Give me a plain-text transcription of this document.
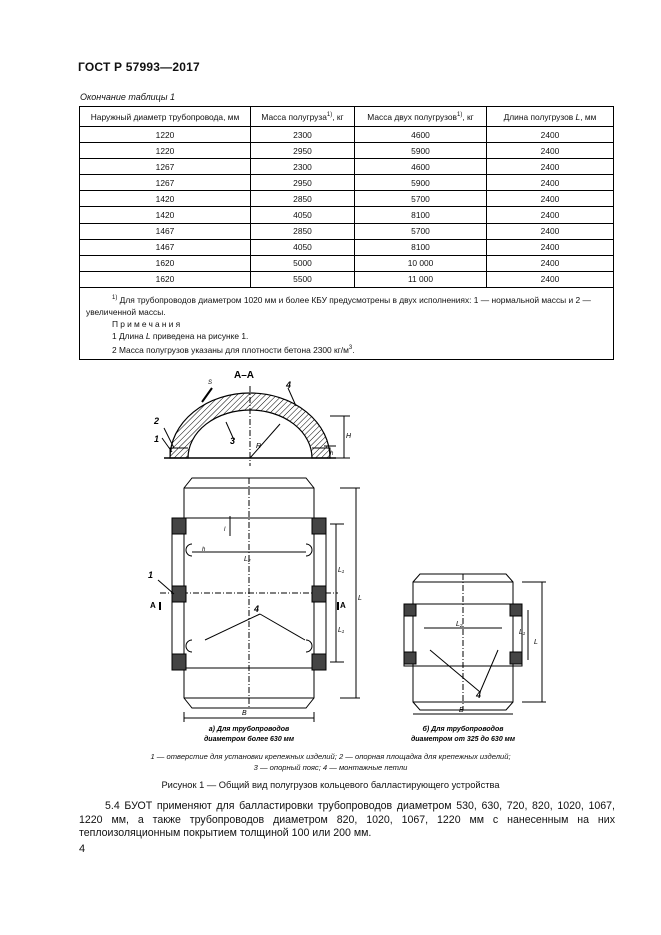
ГОСТ Р 57993—2017
Окончание таблицы 1
Наружный диаметр трубопровода, мм	Масса полугруза$^{1)}$, кг	Масса двух полугрузов$^{1)}$, кг	Длина полугрузов L, мм
1220	2300	4600	2400
1220	2950	5900	2400
1267	2300	4600	2400
1267	2950	5900	2400
1420	2850	5700	2400
1420	4050	8100	2400
1467	2850	5700	2400
1467	4050	8100	2400
1620	5000	10 000	2400
1620	5500	11 000	2400

$^{1)}$ Для трубопроводов диаметром 1020 мм и более КБУ предусмотрены в двух исполнениях: 1 — нормальной массы и 2 — увеличенной массы.
Примечания
1 Длина L приведена на рисунке 1.
2 Масса полугрузов указаны для плотности бетона 2300 $кг/м^3$.			
А–А
2
1	3
4
R
Н
h
S
1
4
А	А
L
L₁
L₁
L₂
В
l
h
4
L
L₁
L₂
В
а) Для трубопроводов
диаметром более 630 мм
б) Для трубопроводов
диаметром от 325 до 630 мм
1 — отверстие для установки крепежных изделий; 2 — опорная площадка для крепежных изделий;
3 — опорный пояс; 4 — монтажные петли
Рисунок 1 — Общий вид полугрузов кольцевого балластирующего устройства

5.4 БУОТ применяют для балластировки трубопроводов диаметром 530, 630, 720, 820, 1020, 1067, 1220 мм, а также трубопроводов диаметром 820, 1020, 1067, 1220 мм с нанесенным на них теплоизоляционным покрытием толщиной 100 или 200 мм.

4
